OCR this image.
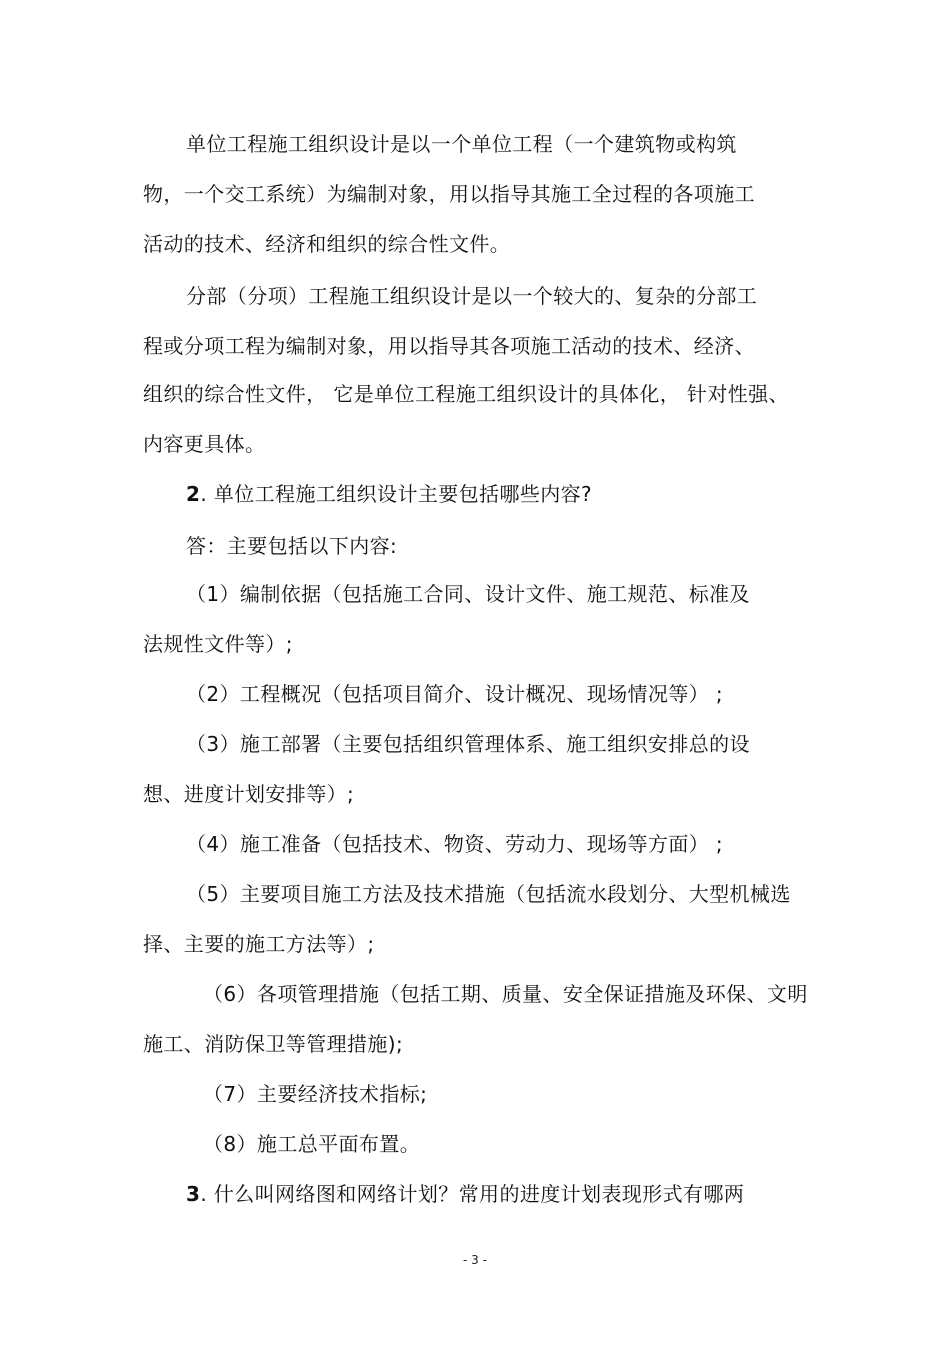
单位工程施工组织设计是以一个单位工程（一个建筑物或构筑
物，一个交工系统）为编制对象，用以指导其施工全过程的各项施工
活动的技术、经济和组织的综合性文件。
分部（分项）工程施工组织设计是以一个较大的、复杂的分部工
程或分项工程为编制对象，用以指导其各项施工活动的技术、经济、
组织的综合性文件， 它是单位工程施工组织设计的具体化， 针对性强、
内容更具体。
2. 单位工程施工组织设计主要包括哪些内容?
答：主要包括以下内容:
（1）编制依据（包括施工合同、设计文件、施工规范、标准及
法规性文件等）;
（2）工程概况（包括项目简介、设计概况、现场情况等） ;
（3）施工部署（主要包括组织管理体系、施工组织安排总的设
想、进度计划安排等）;
（4）施工准备（包括技术、物资、劳动力、现场等方面） ;
（5）主要项目施工方法及技术措施（包括流水段划分、大型机械选
择、主要的施工方法等）;
（6）各项管理措施（包括工期、质量、安全保证措施及环保、文明
施工、消防保卫等管理措施);
（7）主要经济技术指标;
（8）施工总平面布置。
3. 什么叫网络图和网络计划？常用的进度计划表现形式有哪两
- 3 -
